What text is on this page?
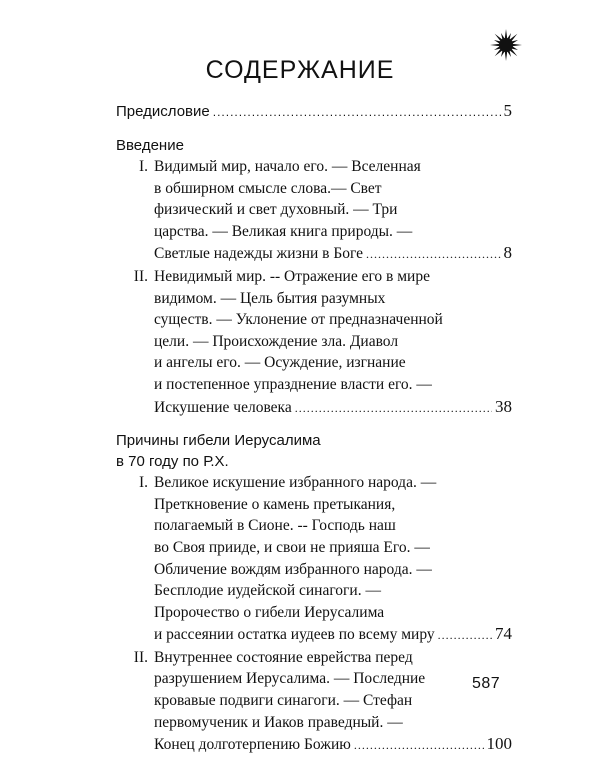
СОДЕРЖАНИЕ
Предисловие .....	5
Введение
I. Видимый мир, начало его. — Вселенная
в обширном смысле слова.— Свет
физический и свет духовный. — Три
царства. — Великая книга природы. —
Светлые надежды жизни в Боге .....	8
II. Невидимый мир. -- Отражение его в мире
видимом. — Цель бытия разумных
существ. — Уклонение от предназначенной
цели. — Происхождение зла. Диавол
и ангелы его. — Осуждение, изгнание
и постепенное упразднение власти его. —
Искушение человека .....	38
Причины гибели Иерусалима
в 70 году по Р.Х.
I. Великое искушение избранного народа. —
Преткновение о камень претыкания,
полагаемый в Сионе. -- Господь наш
во Своя прииде, и свои не прияша Его. —
Обличение вождям избранного народа. —
Бесплодие иудейской синагоги. —
Пророчество о гибели Иерусалима
и рассеянии остатка иудеев по всему миру .....	74
II. Внутреннее состояние еврейства перед
разрушением Иерусалима. — Последние
кровавые подвиги синагоги. — Стефан
первомученик и Иаков праведный. —
Конец долготерпению Божию .....	100
587
